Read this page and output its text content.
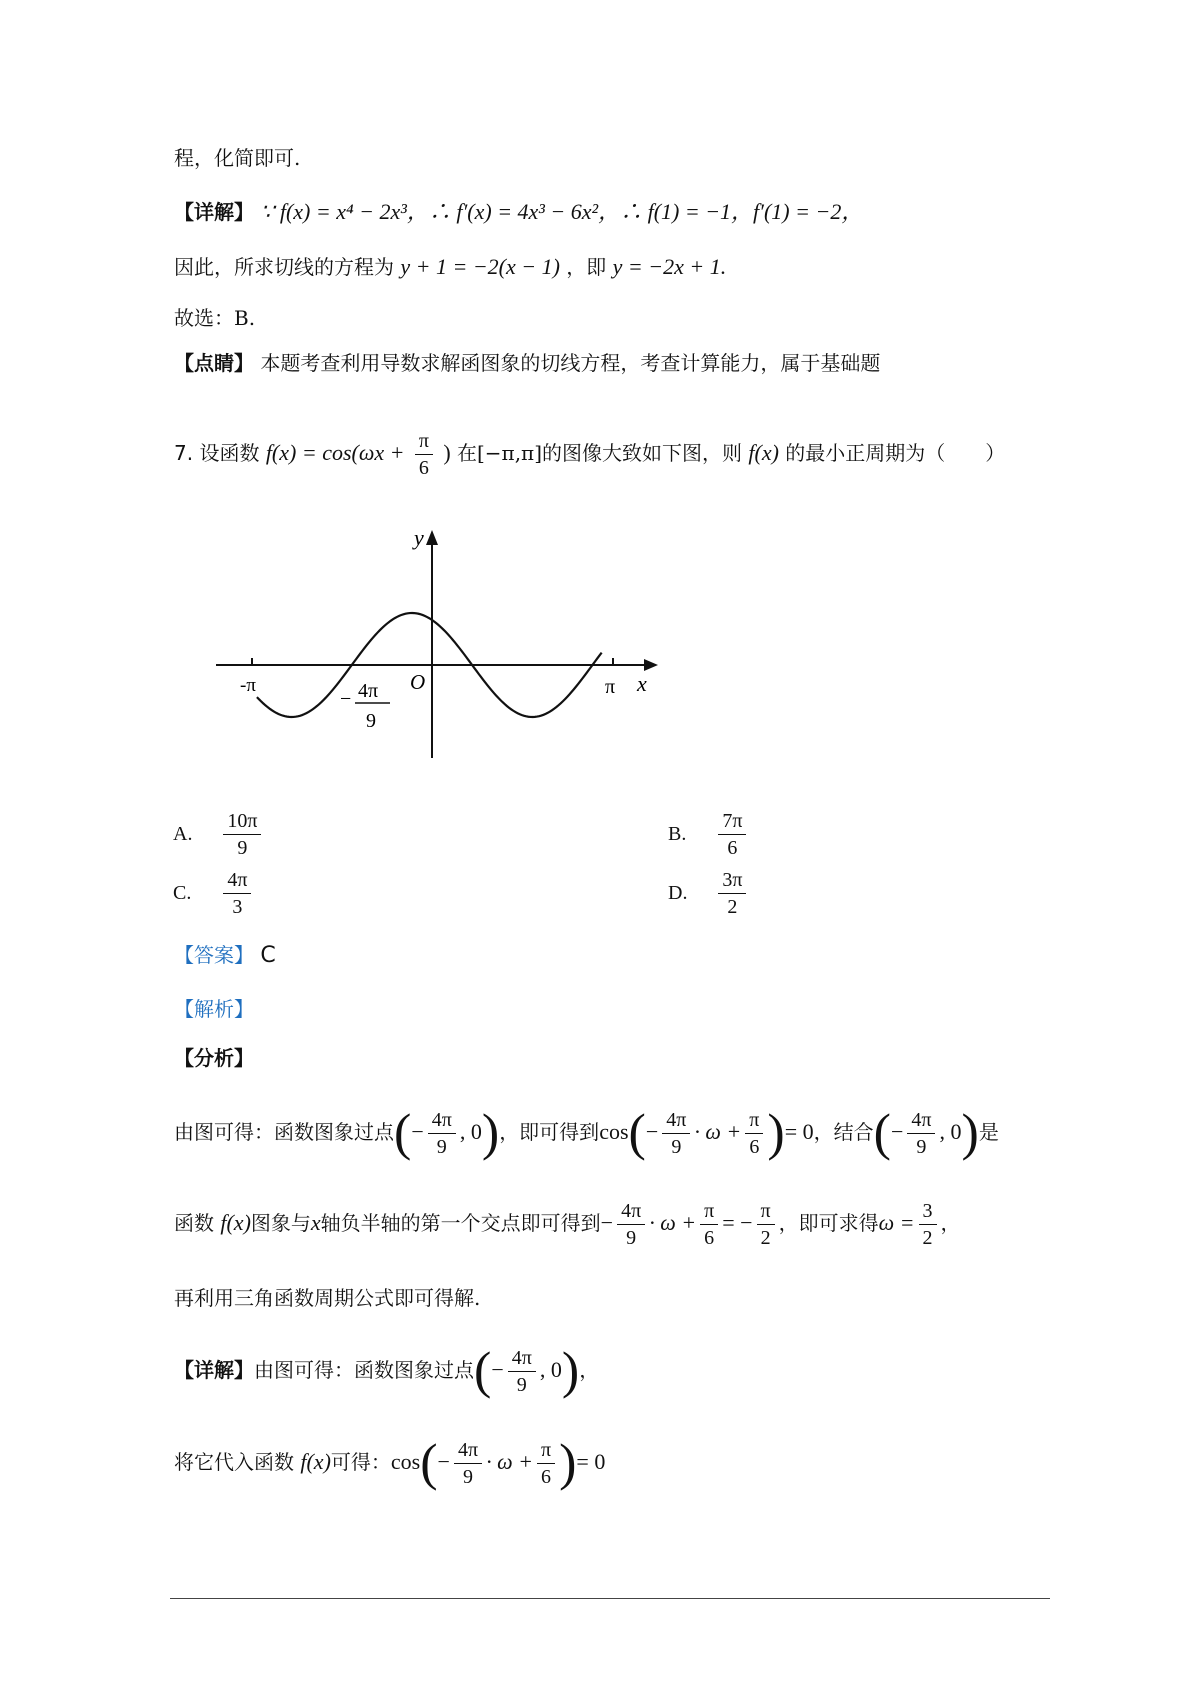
程，化简即可.
【详解】 ∵ f(x) = x⁴ − 2x³，∴ f′(x) = 4x³ − 6x²，∴ f(1) = −1，f′(1) = −2，
因此，所求切线的方程为 y + 1 = −2(x − 1) ，即 y = −2x + 1.
故选：B.
【点睛】 本题考查利用导数求解函图象的切线方程，考查计算能力，属于基础题
7. 设函数 $f(x) = \cos(\omega x + \frac{\pi}{6}$ ) 在[−π,π]的图像大致如下图，则 f(x) 的最小正周期为（　　）
y
x
O
-π	π
− 4π
9
A. $\frac{10\pi}{9}$	B. $\frac{7\pi}{6}$
C. $\frac{4\pi}{3}$	D. $\frac{3\pi}{2}$
【答案】 C
【解析】
【分析】
由图可得：函数图象过点(− $\frac{4\pi}{9}$ , 0)，即可得到$\cos(- \frac{4\pi}{9} \cdot \omega + \frac{\pi}{6}$ )= 0，结合(− $\frac{4\pi}{9}$ , 0)是
函数 f(x)图象与x轴负半轴的第一个交点即可得到− $\frac{4\pi}{9} \cdot \omega + \frac{\pi}{6}$ = − $\frac{\pi}{2}$ ，即可求得$\omega = \frac{3}{2}$ ，
再利用三角函数周期公式即可得解.
【详解】由图可得：函数图象过点(− $\frac{4\pi}{9}$ , 0)，
将它代入函数 f(x)可得：$\cos(- \frac{4\pi}{9} \cdot \omega + \frac{\pi}{6}$ )= 0
